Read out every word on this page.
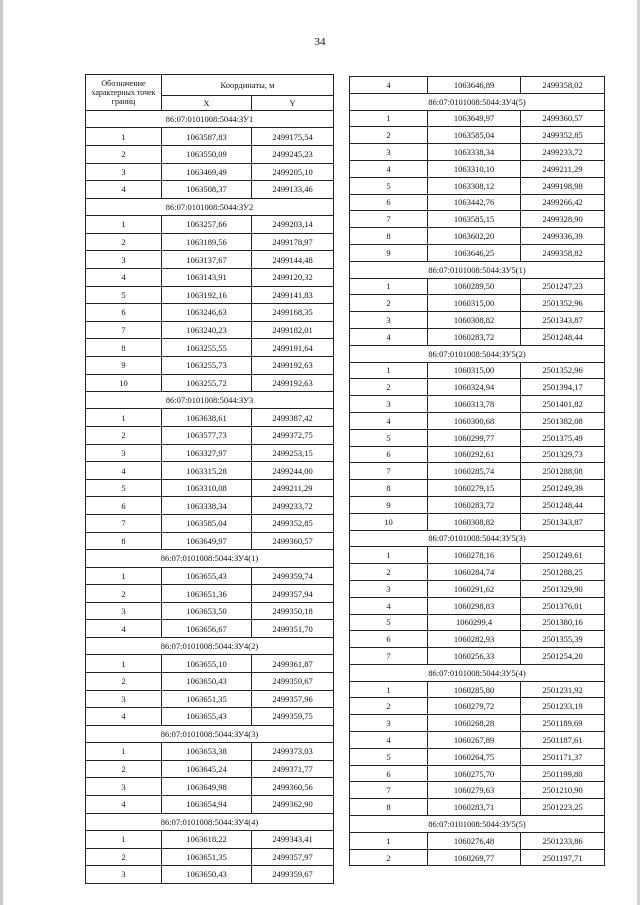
34
Обозначение характерных точек границ	Координаты, м	
	X	Y
86:07:0101008:5044:ЗУ1		
1	1063587,83	2499175,54
2	1063550,09	2499245,23
3	1063469,49	2499205,10
4	1063508,37	2499133,46
86:07:0101008:5044:ЗУ2		
1	1063257,66	2499203,14
2	1063189,56	2499178,97
3	1063137,67	2499144,48
4	1063143,91	2499120,32
5	1063192,16	2499141,83
6	1063246,63	2499168,35
7	1063240,23	2499182,01
8	1063255,55	2499191,64
9	1063255,73	2499192,63
10	1063255,72	2499192,63
86:07:0101008:5044:ЗУ3		
1	1063638,61	2499387,42
2	1063577,73	2499372,75
3	1063327,97	2499253,15
4	1063315,28	2499244,00
5	1063310,08	2499211,29
6	1063338,34	2499233,72
7	1063585,04	2499352,85
8	1063649,97	2499360,57
86:07:0101008:5044:ЗУ4(1)		
1	1063655,43	2499359,74
2	1063651,36	2499357,94
3	1063653,50	2499350,18
4	1063656,67	2499351,70
86:07:0101008:5044:ЗУ4(2)		
1	1063655,10	2499361,87
2	1063650,43	2499359,67
3	1063651,35	2499357,96
4	1063655,43	2499359,75
86:07:0101008:5044:ЗУ4(3)		
1	1063653,38	2499373,03
2	1063645,24	2499371,77
3	1063649,98	2499360,56
4	1063654,94	2499362,90
86:07:0101008:5044:ЗУ4(4)		
1	1063618,22	2499343,41
2	1063651,35	2499357,97
3	1063650,43	2499359,67
4	1063646,89	2499358,02
86:07:0101008:5044:ЗУ4(5)		
1	1063649,97	2499360,57
2	1063585,04	2499352,85
3	1063338,34	2499233,72
4	1063310,10	2499211,29
5	1063308,12	2499198,98
6	1063442,76	2499266,42
7	1063585,15	2499328,90
8	1063602,20	2499336,39
9	1063646,25	2499358,82
86:07:0101008:5044:ЗУ5(1)		
1	1060289,50	2501247,23
2	1060315,00	2501352,96
3	1060308,82	2501343,87
4	1060283,72	2501248,44
86:07:0101008:5044:ЗУ5(2)		
1	1060315,00	2501352,96
2	1060324,94	2501394,17
3	1060313,78	2501401,82
4	1060300,68	2501382,08
5	1060299,77	2501375,49
6	1060292,61	2501329,73
7	1060285,74	2501288,08
8	1060279,15	2501249,39
9	1060283,72	2501248,44
10	1060308,82	2501343,87
86:07:0101008:5044:ЗУ5(3)		
1	1060278,16	2501249,61
2	1060284,74	2501288,25
3	1060291,62	2501329,90
4	1060298,83	2501376,01
5	1060299,4	2501380,16
6	1060282,93	2501355,39
7	1060256,33	2501254,20
86:07:0101008:5044:ЗУ5(4)		
1	1060285,80	2501231,92
2	1060279,72	2501233,19
3	1060268,28	2501189,69
4	1060267,89	2501187,61
5	1060264,75	2501171,37
6	1060275,70	2501199,80
7	1060279,63	2501210,90
8	1060283,71	2501223,25
86:07:0101008:5044:ЗУ5(5)		
1	1060276,48	2501233,86
2	1060269,77	2501197,71
